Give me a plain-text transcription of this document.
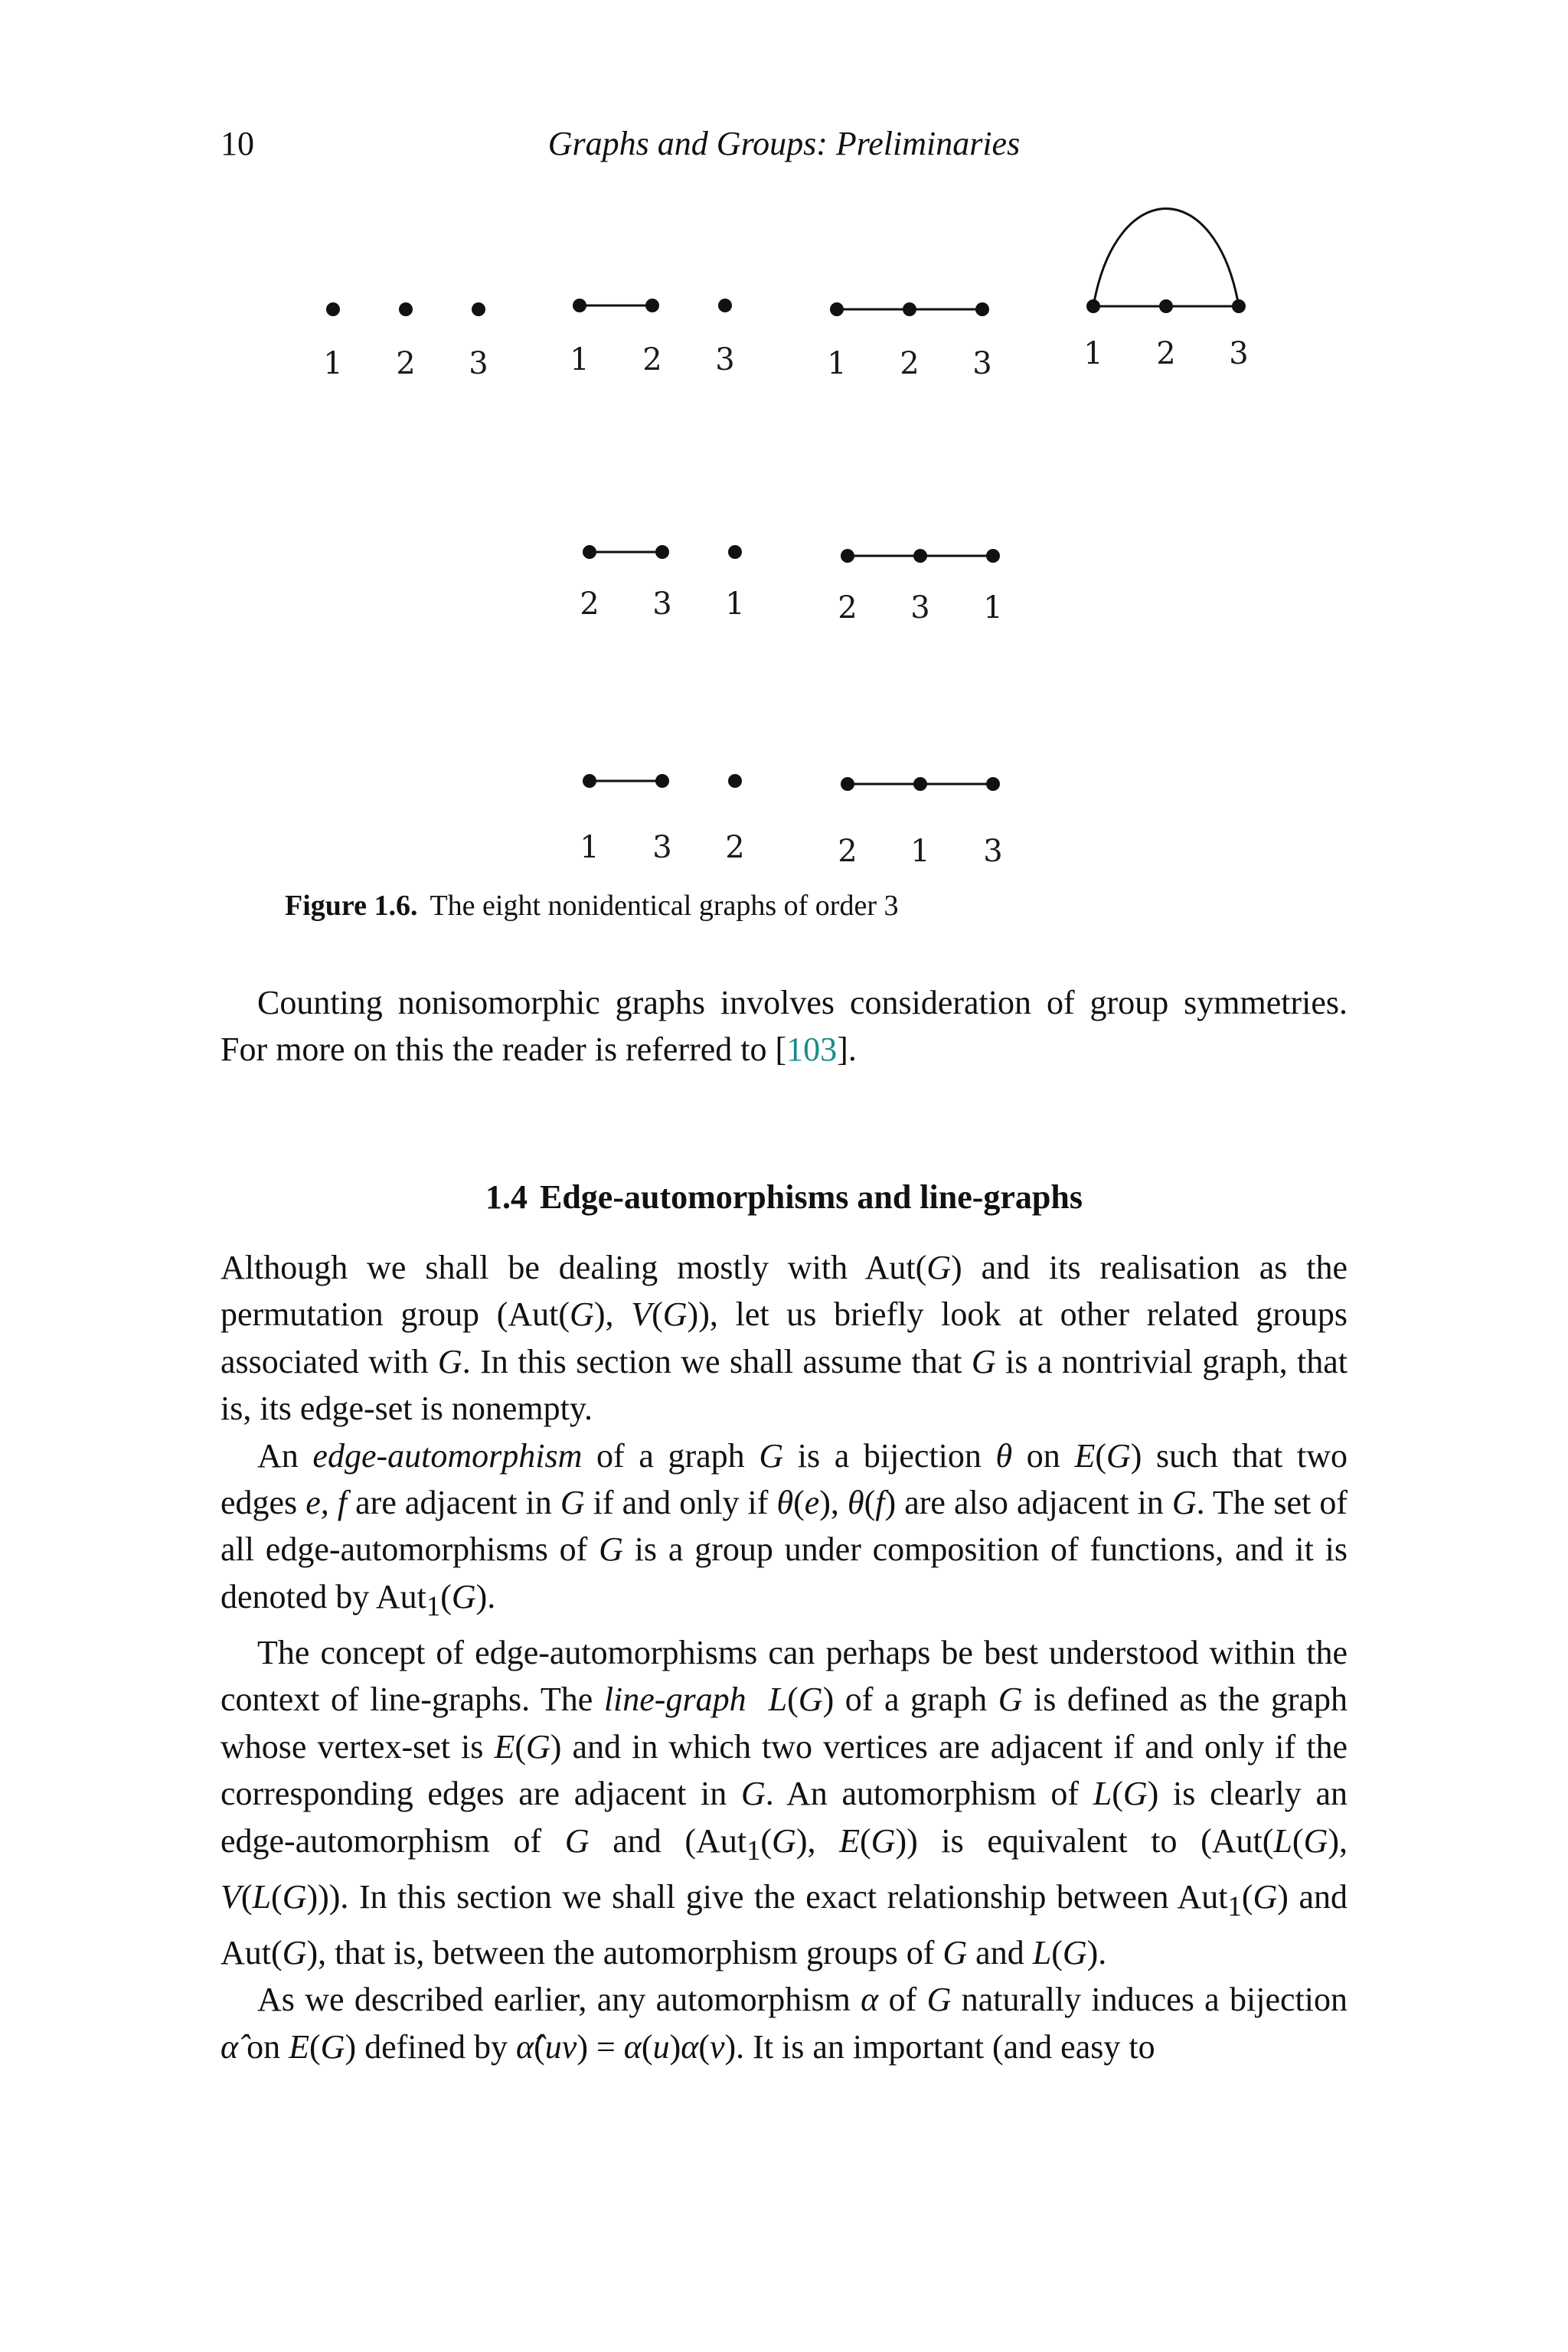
10	Graphs and Groups: Preliminaries
1 2 3	1 2 3	1 2 3	1 2 3
2 3 1	2 3 1
1 3 2	2 1 3
Figure 1.6. The eight nonidentical graphs of order 3

Counting nonisomorphic graphs involves consideration of group symmetries. For more on this the reader is referred to [103].

1.4 Edge-automorphisms and line-graphs

Although we shall be dealing mostly with Aut(G) and its realisation as the permutation group (Aut(G), V(G)), let us briefly look at other related groups associated with G. In this section we shall assume that G is a nontrivial graph, that is, its edge-set is nonempty.

An edge-automorphism of a graph G is a bijection θ on E(G) such that two edges e, f are adjacent in G if and only if θ(e), θ(f) are also adjacent in G. The set of all edge-automorphisms of G is a group under composition of functions, and it is denoted by Aut$_1$(G).

The concept of edge-automorphisms can perhaps be best understood within the context of line-graphs. The line-graph L(G) of a graph G is defined as the graph whose vertex-set is E(G) and in which two vertices are adjacent if and only if the corresponding edges are adjacent in G. An automorphism of L(G) is clearly an edge-automorphism of G and (Aut$_1$(G), E(G)) is equivalent to (Aut(L(G), V(L(G))). In this section we shall give the exact relationship between Aut$_1$(G) and Aut(G), that is, between the automorphism groups of G and L(G).

As we described earlier, any automorphism α of G naturally induces a bijection α̂ on E(G) defined by α̂(uv) = α(u)α(v). It is an important (and easy to
